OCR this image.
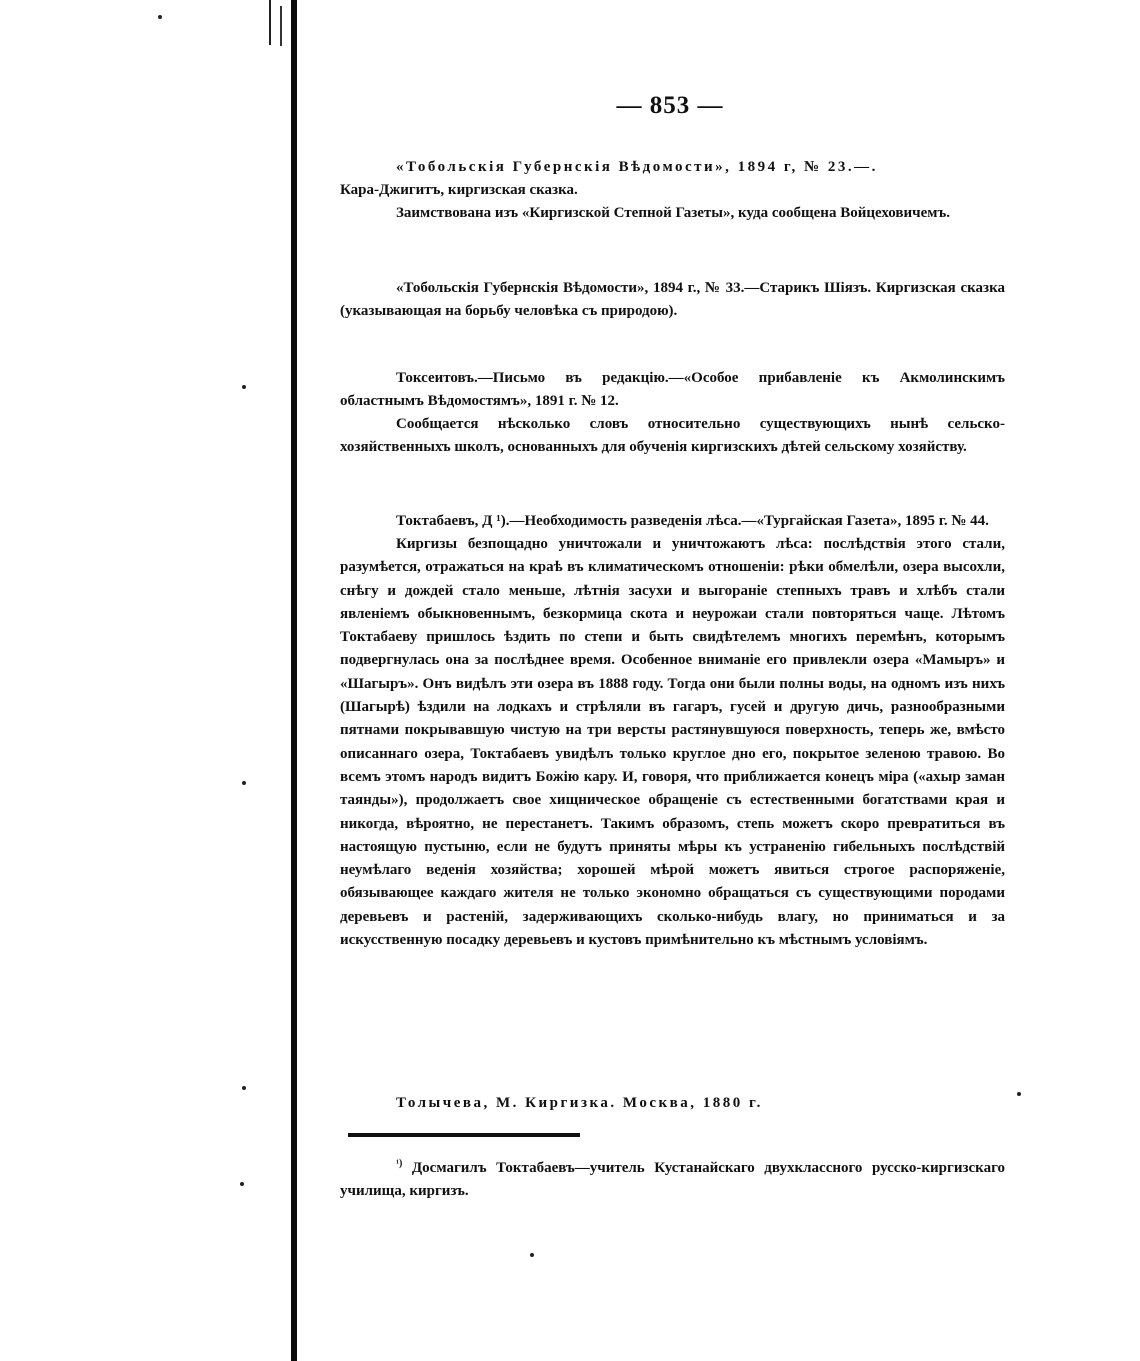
— 853 —

«Тобольскія Губернскія Вѣдомости», 1894 г, № 23.—.

Кара-Джигитъ, киргизская сказка.

Заимствована изъ «Киргизской Степной Газеты», куда сообщена Войцеховичемъ.

«Тобольскія Губернскія Вѣдомости», 1894 г., № 33.—Старикъ Шіязъ. Киргизская сказка (указывающая на борьбу человѣка съ природою).

Токсеитовъ.—Письмо въ редакцію.—«Особое прибавленіе къ Акмолинскимъ областнымъ Вѣдомостямъ», 1891 г. № 12.

Сообщается нѣсколько словъ относительно существующихъ нынѣ сельско-хозяйственныхъ школъ, основанныхъ для обученія киргизскихъ дѣтей сельскому хозяйству.

Токтабаевъ, Д ¹).—Необходимость разведенія лѣса.—«Тургайская Газета», 1895 г. № 44.

Киргизы безпощадно уничтожали и уничтожаютъ лѣса: послѣдствія этого стали, разумѣется, отражаться на краѣ въ климатическомъ отношеніи: рѣки обмелѣли, озера высохли, снѣгу и дождей стало меньше, лѣтнія засухи и выгораніе степныхъ травъ и хлѣбъ стали явленіемъ обыкновеннымъ, безкормица скота и неурожаи стали повторяться чаще. Лѣтомъ Токтабаеву пришлось ѣздить по степи и быть свидѣтелемъ многихъ перемѣнъ, которымъ подвергнулась она за послѣднее время. Особенное вниманіе его привлекли озера «Мамыръ» и «Шагыръ». Онъ видѣлъ эти озера въ 1888 году. Тогда они были полны воды, на одномъ изъ нихъ (Шагырѣ) ѣздили на лодкахъ и стрѣляли въ гагаръ, гусей и другую дичь, разнообразными пятнами покрывавшую чистую на три версты растянувшуюся поверхность, теперь же, вмѣсто описаннаго озера, Токтабаевъ увидѣлъ только круглое дно его, покрытое зеленою травою. Во всемъ этомъ народъ видитъ Божію кару. И, говоря, что приближается конецъ міра («ахыр заман таянды»), продолжаетъ свое хищническое обращеніе съ естественными богатствами края и никогда, вѣроятно, не перестанетъ. Такимъ образомъ, степь можетъ скоро превратиться въ настоящую пустыню, если не будутъ приняты мѣры къ устраненію гибельныхъ послѣдствій неумѣлаго веденія хозяйства; хорошей мѣрой можетъ явиться строгое распоряженіе, обязывающее каждаго жителя не только экономно обращаться съ существующими породами деревьевъ и растеній, задерживающихъ сколько-нибудь влагу, но приниматься и за искусственную посадку деревьевъ и кустовъ примѣнительно къ мѣстнымъ условіямъ.

Толычева, М. Киргизка. Москва, 1880 г.

$^{^1)}$ Досмагилъ Токтабаевъ—учитель Кустанайскаго двухклассного русско-киргизскаго училища, киргизъ.
